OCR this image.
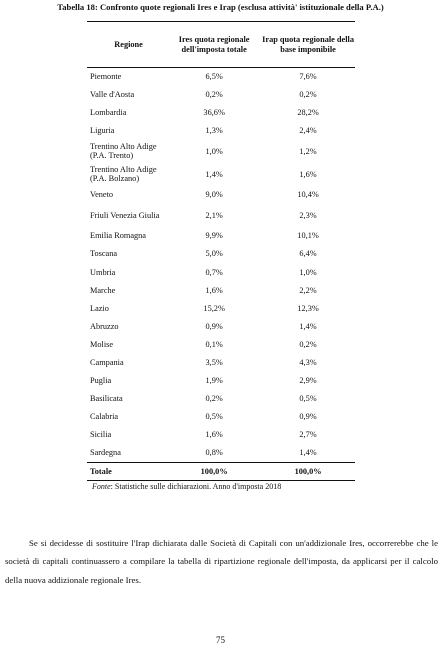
Tabella 18: Confronto quote regionali Ires e Irap (esclusa attività' istituzionale della P.A.)
Regione	Ires quota regionale dell'imposta totale	Irap quota regionale della base imponibile
Piemonte	6,5%	7,6%
Valle d'Aosta	0,2%	0,2%
Lombardia	36,6%	28,2%
Liguria	1,3%	2,4%
Trentino Alto Adige (P.A. Trento)	1,0%	1,2%
Trentino Alto Adige (P.A. Bolzano)	1,4%	1,6%
Veneto	9,0%	10,4%
Friuli Venezia Giulia	2,1%	2,3%
Emilia Romagna	9,9%	10,1%
Toscana	5,0%	6,4%
Umbria	0,7%	1,0%
Marche	1,6%	2,2%
Lazio	15,2%	12,3%
Abruzzo	0,9%	1,4%
Molise	0,1%	0,2%
Campania	3,5%	4,3%
Puglia	1,9%	2,9%
Basilicata	0,2%	0,5%
Calabria	0,5%	0,9%
Sicilia	1,6%	2,7%
Sardegna	0,8%	1,4%
Totale	100,0%	100,0%
Fonte: Statistiche sulle dichiarazioni. Anno d'imposta 2018

Se si decidesse di sostituire l'Irap dichiarata dalle Società di Capitali con un'addizionale Ires, occorrerebbe che le società di capitali continuassero a compilare la tabella di ripartizione regionale dell'imposta, da applicarsi per il calcolo della nuova addizionale regionale Ires.

75
